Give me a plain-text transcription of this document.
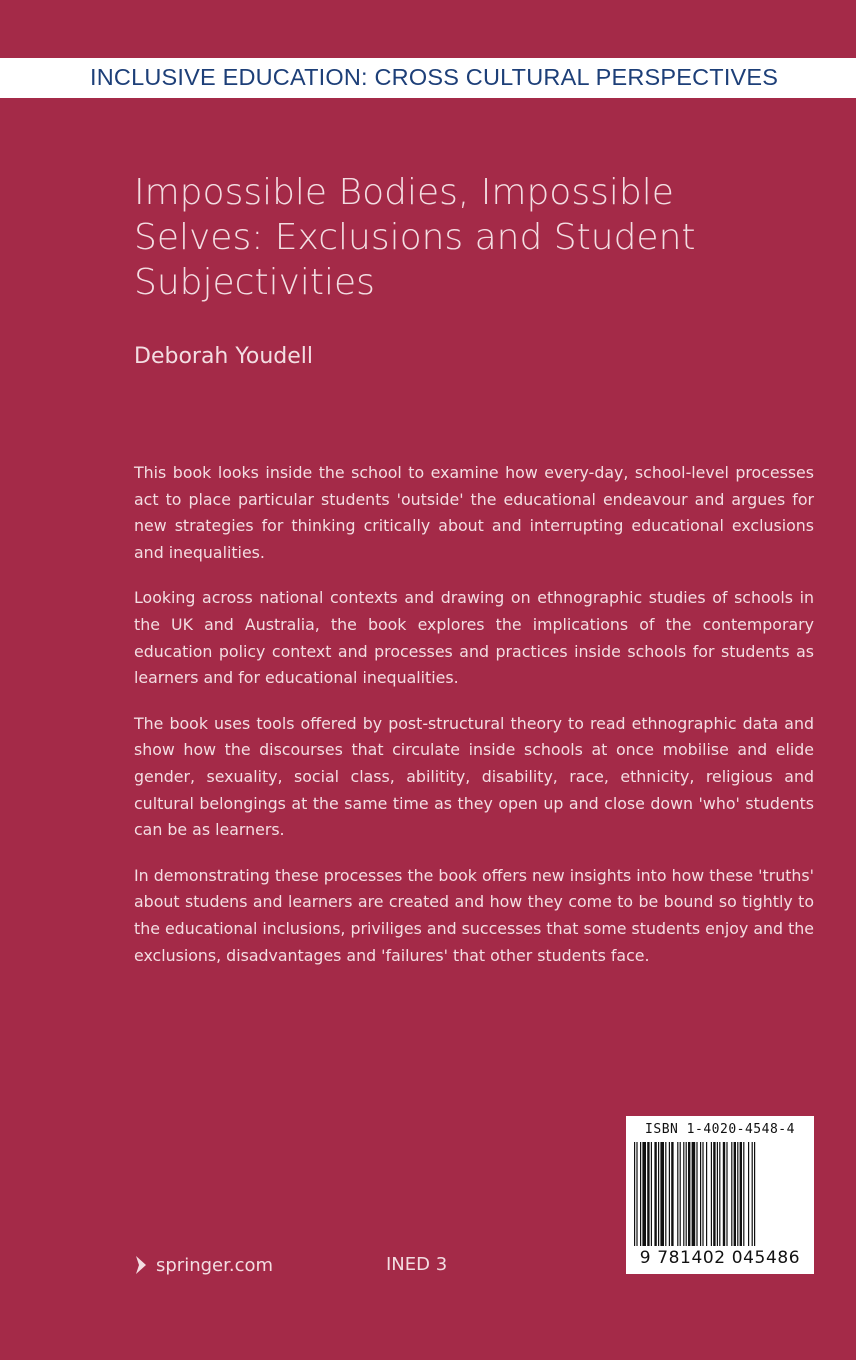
INCLUSIVE EDUCATION: CROSS CULTURAL PERSPECTIVES
Impossible Bodies, Impossible Selves: Exclusions and Student Subjectivities
Deborah Youdell

This book looks inside the school to examine how every-day, school-level processes act to place particular students 'outside' the educational endeavour and argues for new strategies for thinking critically about and interrupting educational exclusions and inequalities.

Looking across national contexts and drawing on ethnographic studies of schools in the UK and Australia, the book explores the implications of the contemporary education policy context and processes and practices inside schools for students as learners and for educational inequalities.

The book uses tools offered by post-structural theory to read ethnographic data and show how the discourses that circulate inside schools at once mobilise and elide gender, sexuality, social class, abilitity, disability, race, ethnicity, religious and cultural belongings at the same time as they open up and close down 'who' students can be as learners.

In demonstrating these processes the book offers new insights into how these 'truths' about studens and learners are created and how they come to be bound so tightly to the educational inclusions, priviliges and successes that some students enjoy and the exclusions, disadvantages and 'failures' that other students face.

ISBN 1-4020-4548-4
9 781402 045486
springer.com	INED 3
